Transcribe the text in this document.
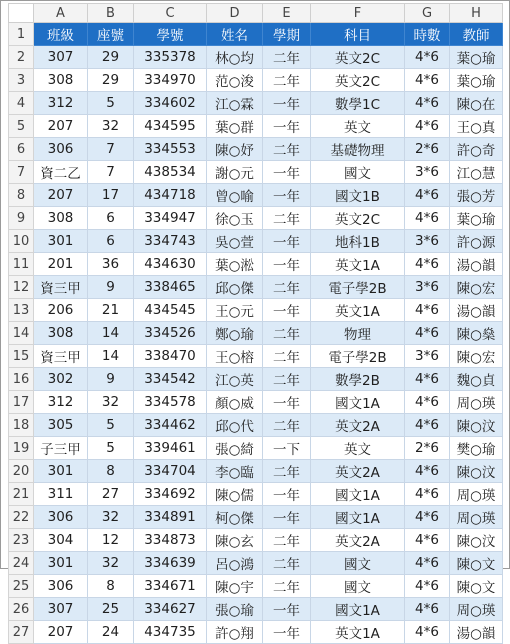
	A	B	C	D	E	F	G	H
1	班級	座號	學號	姓名	學期	科目	時數	教師
2	307	29	335378	林○均	二年	英文2C	4*6	葉○瑜
3	308	29	334970	范○浚	二年	英文2C	4*6	葉○瑜
4	312	5	334602	江○霖	一年	數學1C	4*6	陳○在
5	207	32	434595	葉○群	一年	英文	4*6	王○真
6	306	7	334553	陳○妤	二年	基礎物理	2*6	許○奇
7	資二乙	7	438534	謝○元	一年	國文	3*6	江○慧
8	207	17	434718	曾○喻	一年	國文1B	4*6	張○芳
9	308	6	334947	徐○玉	二年	英文2C	4*6	葉○瑜
10	301	6	334743	吳○萱	一年	地科1B	3*6	許○源
11	201	36	434630	葉○淞	一年	英文1A	4*6	湯○韻
12	資三甲	9	338465	邱○傑	二年	電子學2B	3*6	陳○宏
13	206	21	434545	王○元	一年	英文1A	4*6	湯○韻
14	308	14	334526	鄭○瑜	二年	物理	4*6	陳○燊
15	資三甲	14	338470	王○榕	二年	電子學2B	3*6	陳○宏
16	302	9	334542	江○英	二年	數學2B	4*6	魏○貞
17	312	32	334578	顏○威	一年	國文1A	4*6	周○瑛
18	305	5	334462	邱○代	二年	英文2A	4*6	陳○汶
19	子三甲	5	339461	張○綺	一下	英文	2*6	樊○瑜
20	301	8	334704	李○臨	二年	英文2A	4*6	陳○汶
21	311	27	334692	陳○儒	一年	國文1A	4*6	周○瑛
22	306	32	334891	柯○傑	一年	國文1A	4*6	周○瑛
23	304	12	334873	陳○玄	二年	英文2A	4*6	陳○汶
24	301	32	334639	呂○鴻	二年	國文	4*6	陳○文
25	306	8	334671	陳○宇	二年	國文	4*6	陳○文
26	307	25	334627	張○瑜	一年	國文1A	4*6	周○瑛
27	207	24	434735	許○翔	一年	英文1A	4*6	湯○韻
